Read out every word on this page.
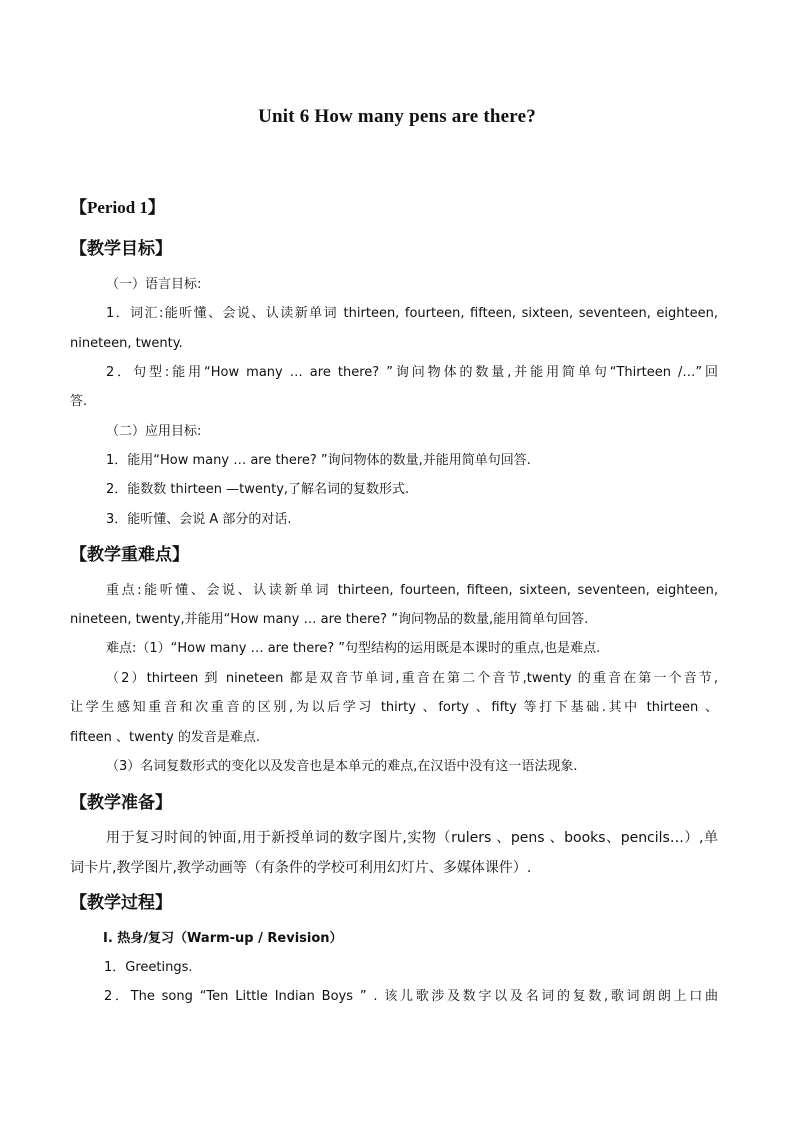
Unit 6 How many pens are there?
【Period 1】
【教学目标】
（一）语言目标:
1．词汇:能听懂、会说、认读新单词 thirteen, fourteen, fifteen, sixteen, seventeen, eighteen,
nineteen, twenty.
2．句型:能用“How many … are there? ”询问物体的数量,并能用简单句“Thirteen /…”回
答.
（二）应用目标:
1．能用“How many … are there? ”询问物体的数量,并能用简单句回答.
2．能数数 thirteen —twenty,了解名词的复数形式.
3．能听懂、会说 A 部分的对话.
【教学重难点】
重点:能听懂、会说、认读新单词 thirteen, fourteen, fifteen, sixteen, seventeen, eighteen,
nineteen, twenty,并能用“How many … are there? ”询问物品的数量,能用简单句回答.
难点:（1）“How many … are there? ”句型结构的运用既是本课时的重点,也是难点.
（2）thirteen 到 nineteen 都是双音节单词,重音在第二个音节,twenty 的重音在第一个音节,
让学生感知重音和次重音的区别,为以后学习 thirty 、forty 、fifty 等打下基础.其中 thirteen 、
fifteen 、twenty 的发音是难点.
（3）名词复数形式的变化以及发音也是本单元的难点,在汉语中没有这一语法现象.
【教学准备】
用于复习时间的钟面,用于新授单词的数字图片,实物（rulers 、pens 、books、pencils…）,单
词卡片,教学图片,教学动画等（有条件的学校可利用幻灯片、多媒体课件）.
【教学过程】
I. 热身/复习（Warm-up / Revision）
1．Greetings.
2．The song “Ten Little Indian Boys ” . 该儿歌涉及数字以及名词的复数,歌词朗朗上口曲
